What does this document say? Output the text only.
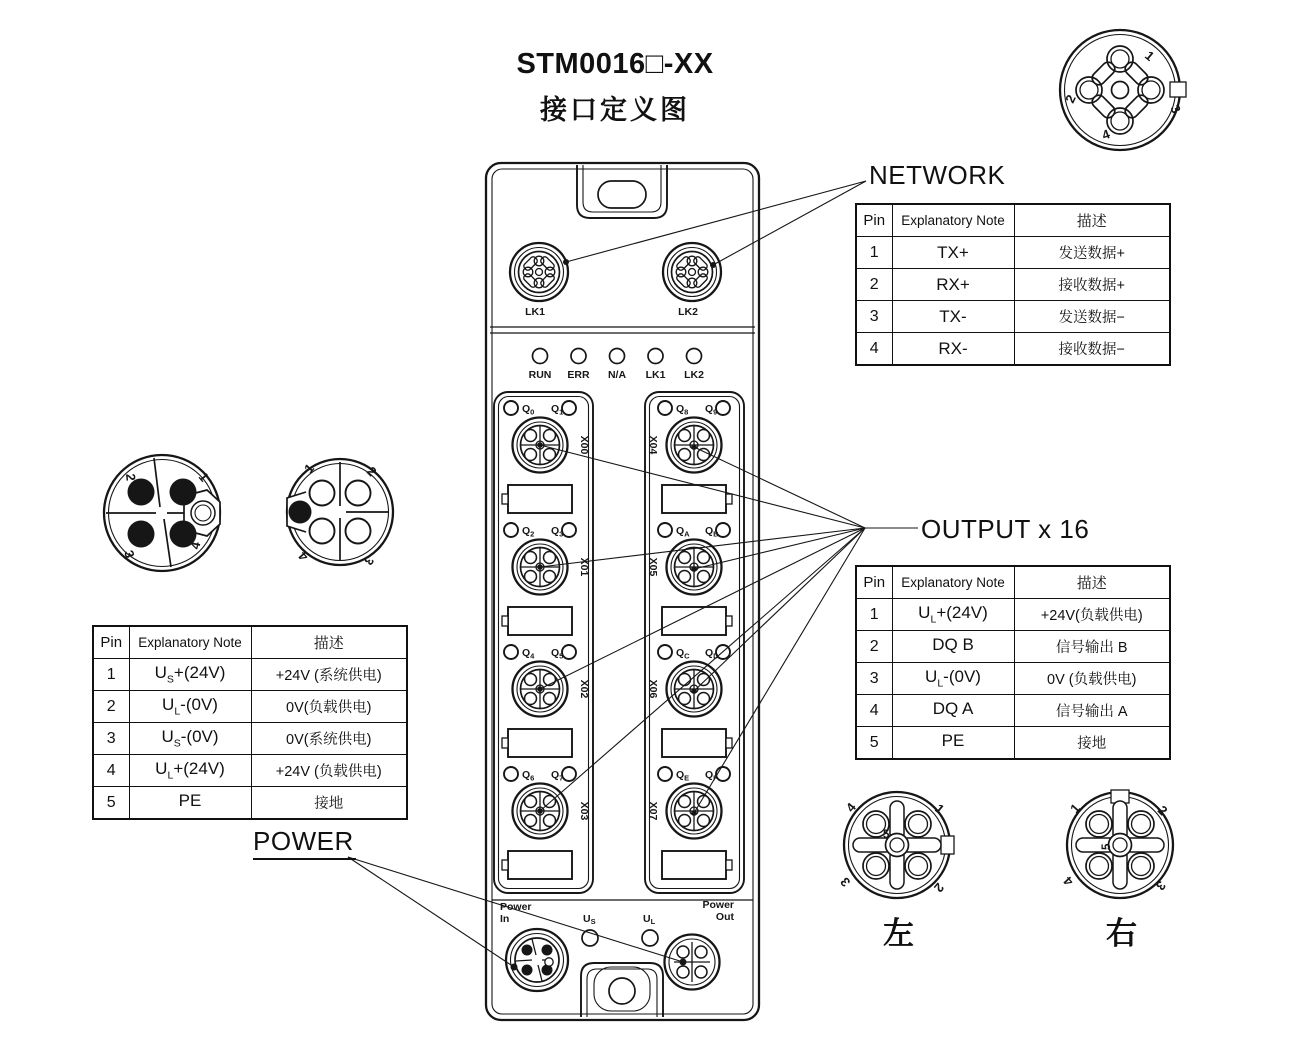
LK1	LK2
RUN ERR N/A LK1 LK2
$Q_0$ $Q_1$
X00
$Q_2$ $Q_3$
X01
$Q_4$ $Q_5$
X02
$Q_6$ $Q_7$
X03
$Q_8$ $Q_9$
X04
$Q_A$ $Q_B$
X05
$Q_C$ $Q_D$
X06
$Q_E$ $Q_F$
X07
Power
In
Power
Out
US	UL
1
2
3
4
2	1
3
4
1	2
4	3
4	1
3	2
5
1	2
4	3
5
STM0016□-XX
接口定义图
NETWORK
OUTPUT x 16
POWER
左	右
Pin	Explanatory Note	描述
1	TX+	发送数据+
2	RX+	接收数据+
3	TX-	发送数据−
4	RX-	接收数据−
Pin	Explanatory Note	描述
1	$U_L+(24V)$	+24V(负载供电)
2	DQ B	信号输出 B
3	$U_L-(0V)$	0V (负载供电)
4	DQ A	信号输出 A
5	PE	接地
Pin	Explanatory Note	描述
1	$U_S+(24V)$	+24V (系统供电)
2	$U_L-(0V)$	0V(负载供电)
3	$U_S-(0V)$	0V(系统供电)
4	$U_L+(24V)$	+24V (负载供电)
5	PE	接地
